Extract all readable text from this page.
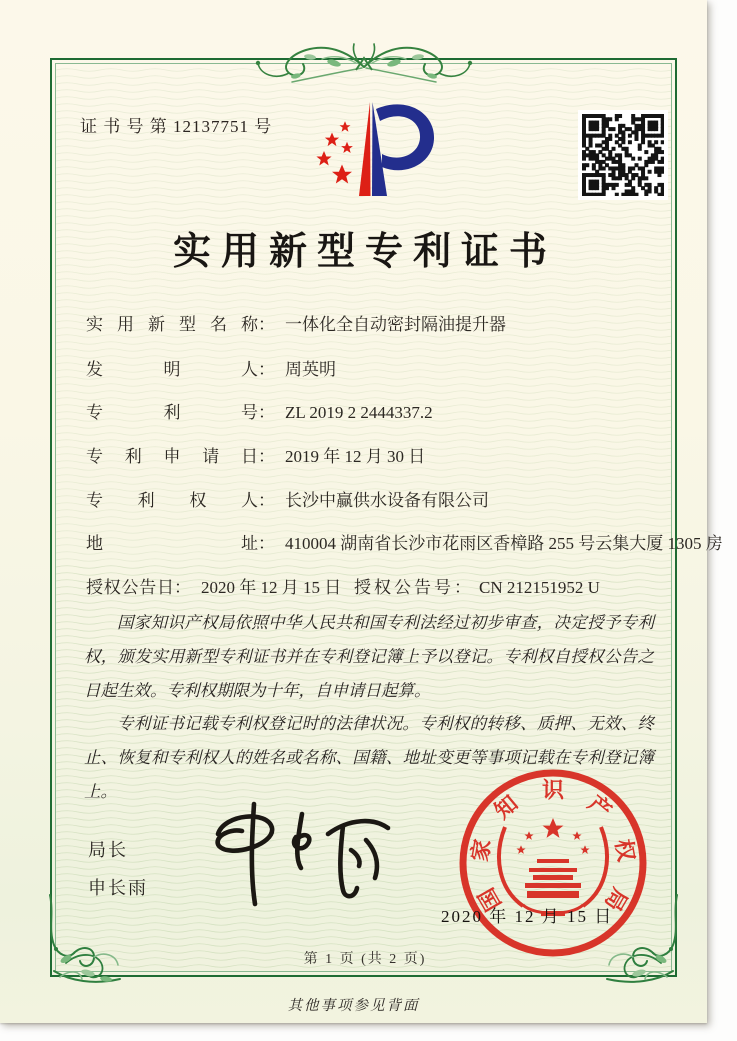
证 书 号 第 12137751 号
实用新型专利证书
实用新型名称： 一体化全自动密封隔油提升器
发明人： 周英明
专利号： ZL 2019 2 2444337.2
专利申请日： 2019 年 12 月 30 日
专利权人： 长沙中赢供水设备有限公司
地址： 410004 湖南省长沙市花雨区香樟路 255 号云集大厦 1305 房
授权公告日： 2020 年 12 月 15 日 授权公告号： CN 212151952 U

国家知识产权局依照中华人民共和国专利法经过初步审查，决定授予专利权，颁发实用新型专利证书并在专利登记簿上予以登记。专利权自授权公告之日起生效。专利权期限为十年，自申请日起算。

专利证书记载专利权登记时的法律状况。专利权的转移、质押、无效、终止、恢复和专利权人的姓名或名称、国籍、地址变更等事项记载在专利登记簿上。

局长
申长雨	国
家
知
识
产
权
局
2020 年 12 月 15 日
第 1 页 (共 2 页)
其他事项参见背面
